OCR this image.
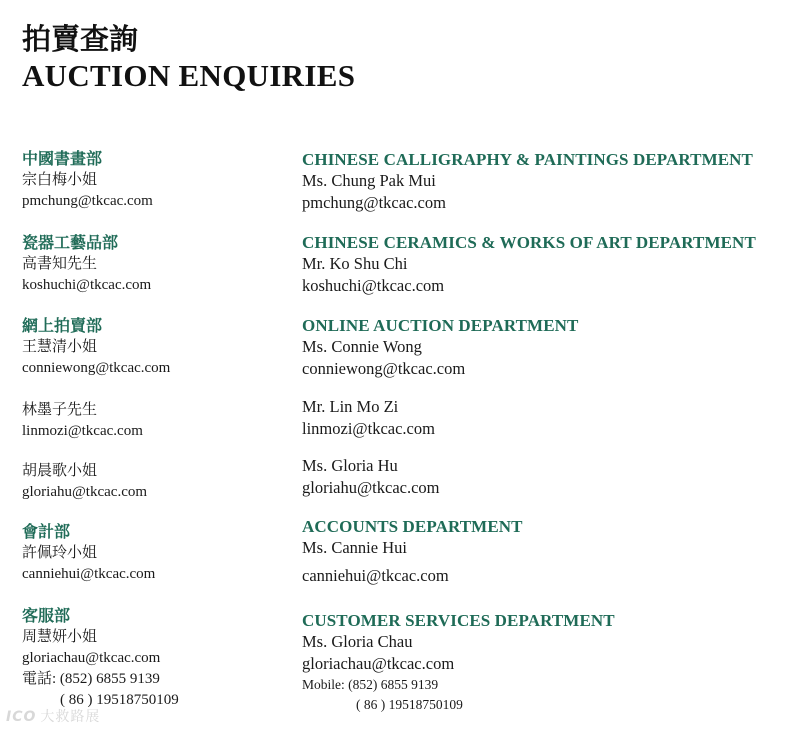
拍賣查詢
AUCTION ENQUIRIES
中國書畫部
宗白梅小姐
pmchung@tkcac.com
瓷器工藝品部
高書知先生
koshuchi@tkcac.com
網上拍賣部
王慧清小姐
conniewong@tkcac.com
林墨子先生
linmozi@tkcac.com
胡晨歌小姐
gloriahu@tkcac.com
會計部
許佩玲小姐
canniehui@tkcac.com
客服部
周慧妍小姐
gloriachau@tkcac.com
電話: (852) 6855 9139
( 86 ) 19518750109
CHINESE CALLIGRAPHY & PAINTINGS DEPARTMENT
Ms. Chung Pak Mui
pmchung@tkcac.com
CHINESE CERAMICS & WORKS OF ART DEPARTMENT
Mr. Ko Shu Chi
koshuchi@tkcac.com
ONLINE AUCTION DEPARTMENT
Ms. Connie Wong
conniewong@tkcac.com
Mr. Lin Mo Zi
linmozi@tkcac.com
Ms. Gloria Hu
gloriahu@tkcac.com
ACCOUNTS DEPARTMENT
Ms. Cannie Hui
canniehui@tkcac.com
CUSTOMER SERVICES DEPARTMENT
Ms. Gloria Chau
gloriachau@tkcac.com
Mobile: (852) 6855 9139
( 86 ) 19518750109
ICO 大救路展
